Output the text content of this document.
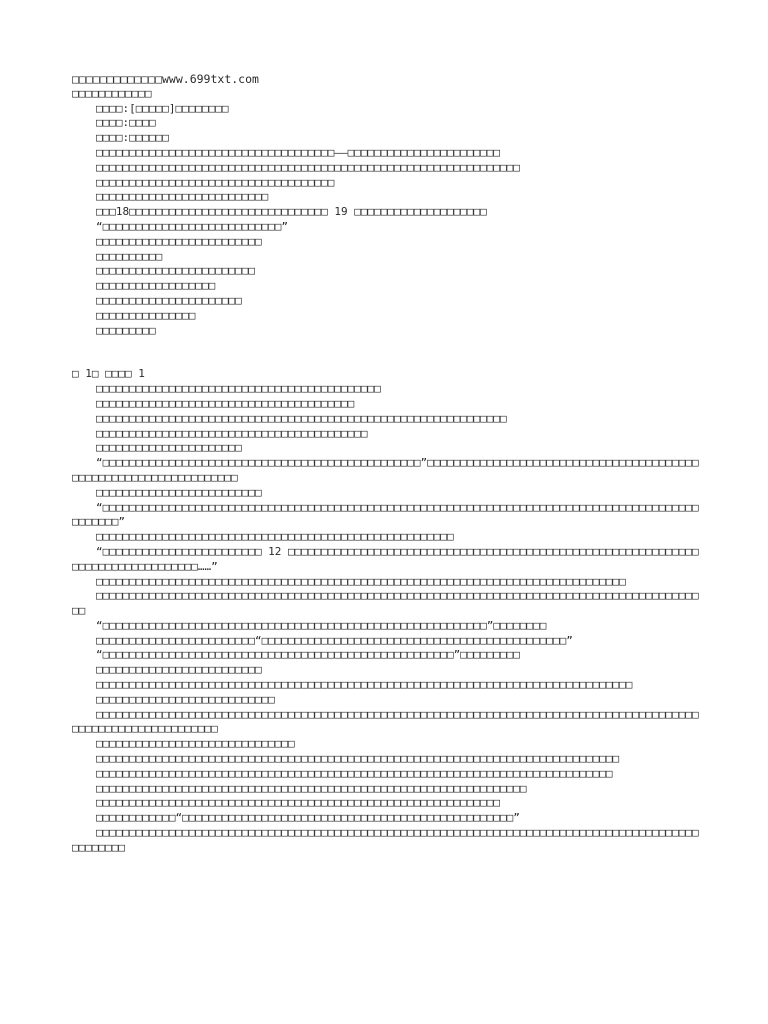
□□□□□□□□□□□□□www.699txt.com

□□□□□□□□□□□□

□□□□:[□□□□□]□□□□□□□□

□□□□:□□□□

□□□□:□□□□□□

□□□□□□□□□□□□□□□□□□□□□□□□□□□□□□□□□□□□——□□□□□□□□□□□□□□□□□□□□□□□

□□□□□□□□□□□□□□□□□□□□□□□□□□□□□□□□□□□□□□□□□□□□□□□□□□□□□□□□□□□□□□□□

□□□□□□□□□□□□□□□□□□□□□□□□□□□□□□□□□□□□

□□□□□□□□□□□□□□□□□□□□□□□□□□

□□□18□□□□□□□□□□□□□□□□□□□□□□□□□□□□□□ 19 □□□□□□□□□□□□□□□□□□□□

“□□□□□□□□□□□□□□□□□□□□□□□□□□□”

□□□□□□□□□□□□□□□□□□□□□□□□□

□□□□□□□□□□

□□□□□□□□□□□□□□□□□□□□□□□□

□□□□□□□□□□□□□□□□□□

□□□□□□□□□□□□□□□□□□□□□□

□□□□□□□□□□□□□□□

□□□□□□□□□

□ 1□ □□□□ 1

□□□□□□□□□□□□□□□□□□□□□□□□□□□□□□□□□□□□□□□□□□□

□□□□□□□□□□□□□□□□□□□□□□□□□□□□□□□□□□□□□□□

□□□□□□□□□□□□□□□□□□□□□□□□□□□□□□□□□□□□□□□□□□□□□□□□□□□□□□□□□□□□□□

□□□□□□□□□□□□□□□□□□□□□□□□□□□□□□□□□□□□□□□□□

□□□□□□□□□□□□□□□□□□□□□□

“□□□□□□□□□□□□□□□□□□□□□□□□□□□□□□□□□□□□□□□□□□□□□□□□”□□□□□□□□□□□□□□□□□□□□□□□□□□□□□□□□□□□□□□□□□□□□□□□□□□□□□□□□□□□□□□□□□□

□□□□□□□□□□□□□□□□□□□□□□□□□

“□□□□□□□□□□□□□□□□□□□□□□□□□□□□□□□□□□□□□□□□□□□□□□□□□□□□□□□□□□□□□□□□□□□□□□□□□□□□□□□□□□□□□□□□□□□□□□□□□”

□□□□□□□□□□□□□□□□□□□□□□□□□□□□□□□□□□□□□□□□□□□□□□□□□□□□□□

“□□□□□□□□□□□□□□□□□□□□□□□□ 12 □□□□□□□□□□□□□□□□□□□□□□□□□□□□□□□□□□□□□□□□□□□□□□□□□□□□□□□□□□□□□□□□□□□□□□□□□□□□□□□□□……”

□□□□□□□□□□□□□□□□□□□□□□□□□□□□□□□□□□□□□□□□□□□□□□□□□□□□□□□□□□□□□□□□□□□□□□□□□□□□□□□□

□□□□□□□□□□□□□□□□□□□□□□□□□□□□□□□□□□□□□□□□□□□□□□□□□□□□□□□□□□□□□□□□□□□□□□□□□□□□□□□□□□□□□□□□□□□□□

“□□□□□□□□□□□□□□□□□□□□□□□□□□□□□□□□□□□□□□□□□□□□□□□□□□□□□□□□□□”□□□□□□□□

□□□□□□□□□□□□□□□□□□□□□□□□“□□□□□□□□□□□□□□□□□□□□□□□□□□□□□□□□□□□□□□□□□□□□□□”

“□□□□□□□□□□□□□□□□□□□□□□□□□□□□□□□□□□□□□□□□□□□□□□□□□□□□□”□□□□□□□□□

□□□□□□□□□□□□□□□□□□□□□□□□□

□□□□□□□□□□□□□□□□□□□□□□□□□□□□□□□□□□□□□□□□□□□□□□□□□□□□□□□□□□□□□□□□□□□□□□□□□□□□□□□□□

□□□□□□□□□□□□□□□□□□□□□□□□□□□

□□□□□□□□□□□□□□□□□□□□□□□□□□□□□□□□□□□□□□□□□□□□□□□□□□□□□□□□□□□□□□□□□□□□□□□□□□□□□□□□□□□□□□□□□□□□□□□□□□□□□□□□□□□□□□□□□

□□□□□□□□□□□□□□□□□□□□□□□□□□□□□□

□□□□□□□□□□□□□□□□□□□□□□□□□□□□□□□□□□□□□□□□□□□□□□□□□□□□□□□□□□□□□□□□□□□□□□□□□□□□□□□

□□□□□□□□□□□□□□□□□□□□□□□□□□□□□□□□□□□□□□□□□□□□□□□□□□□□□□□□□□□□□□□□□□□□□□□□□□□□□□

□□□□□□□□□□□□□□□□□□□□□□□□□□□□□□□□□□□□□□□□□□□□□□□□□□□□□□□□□□□□□□□□□

□□□□□□□□□□□□□□□□□□□□□□□□□□□□□□□□□□□□□□□□□□□□□□□□□□□□□□□□□□□□□

□□□□□□□□□□□□“□□□□□□□□□□□□□□□□□□□□□□□□□□□□□□□□□□□□□□□□□□□□□□□□□□”

□□□□□□□□□□□□□□□□□□□□□□□□□□□□□□□□□□□□□□□□□□□□□□□□□□□□□□□□□□□□□□□□□□□□□□□□□□□□□□□□□□□□□□□□□□□□□□□□□□□
